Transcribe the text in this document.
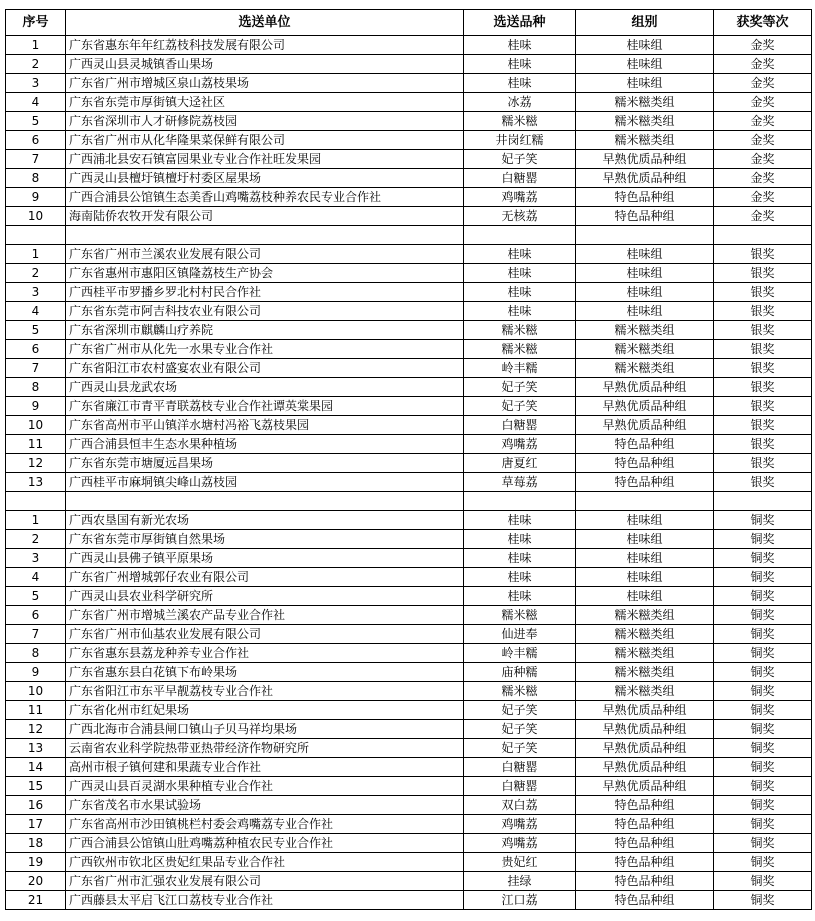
序号	选送单位	选送品种	组别	获奖等次
1	广东省惠东年年红荔枝科技发展有限公司	桂味	桂味组	金奖
2	广西灵山县灵城镇香山果场	桂味	桂味组	金奖
3	广东省广州市增城区泉山荔枝果场	桂味	桂味组	金奖
4	广东省东莞市厚街镇大迳社区	冰荔	糯米糍类组	金奖
5	广东省深圳市人才研修院荔枝园	糯米糍	糯米糍类组	金奖
6	广东省广州市从化华隆果菜保鲜有限公司	井岗红糯	糯米糍类组	金奖
7	广西浦北县安石镇富园果业专业合作社旺发果园	妃子笑	早熟优质品种组	金奖
8	广西灵山县檀圩镇檀圩村委区屋果场	白糖罂	早熟优质品种组	金奖
9	广西合浦县公馆镇生态美香山鸡嘴荔枝种养农民专业合作社	鸡嘴荔	特色品种组	金奖
10	海南陆侨农牧开发有限公司	无核荔	特色品种组	金奖

1	广东省广州市兰溪农业发展有限公司	桂味	桂味组	银奖
2	广东省惠州市惠阳区镇隆荔枝生产协会	桂味	桂味组	银奖
3	广西桂平市罗播乡罗北村村民合作社	桂味	桂味组	银奖
4	广东省东莞市阿吉科技农业有限公司	桂味	桂味组	银奖
5	广东省深圳市麒麟山疗养院	糯米糍	糯米糍类组	银奖
6	广东省广州市从化先一水果专业合作社	糯米糍	糯米糍类组	银奖
7	广东省阳江市农村盛宴农业有限公司	岭丰糯	糯米糍类组	银奖
8	广西灵山县龙武农场	妃子笑	早熟优质品种组	银奖
9	广东省廉江市青平青联荔枝专业合作社谭英棠果园	妃子笑	早熟优质品种组	银奖
10	广东省高州市平山镇洋水塘村冯裕飞荔枝果园	白糖罂	早熟优质品种组	银奖
11	广西合浦县恒丰生态水果种植场	鸡嘴荔	特色品种组	银奖
12	广东省东莞市塘厦远昌果场	唐夏红	特色品种组	银奖
13	广西桂平市麻垌镇尖峰山荔枝园	草莓荔	特色品种组	银奖

1	广西农垦国有新光农场	桂味	桂味组	铜奖
2	广东省东莞市厚街镇自然果场	桂味	桂味组	铜奖
3	广西灵山县佛子镇平原果场	桂味	桂味组	铜奖
4	广东省广州增城郭仔农业有限公司	桂味	桂味组	铜奖
5	广西灵山县农业科学研究所	桂味	桂味组	铜奖
6	广东省广州市增城兰溪农产品专业合作社	糯米糍	糯米糍类组	铜奖
7	广东省广州市仙基农业发展有限公司	仙进奉	糯米糍类组	铜奖
8	广东省惠东县荔龙种养专业合作社	岭丰糯	糯米糍类组	铜奖
9	广东省惠东县白花镇下布岭果场	庙种糯	糯米糍类组	铜奖
10	广东省阳江市东平早靓荔枝专业合作社	糯米糍	糯米糍类组	铜奖
11	广东省化州市红妃果场	妃子笑	早熟优质品种组	铜奖
12	广西北海市合浦县闸口镇山子贝马祥均果场	妃子笑	早熟优质品种组	铜奖
13	云南省农业科学院热带亚热带经济作物研究所	妃子笑	早熟优质品种组	铜奖
14	高州市根子镇何建和果蔬专业合作社	白糖罂	早熟优质品种组	铜奖
15	广西灵山县百灵湖水果种植专业合作社	白糖罂	早熟优质品种组	铜奖
16	广东省茂名市水果试验场	双白荔	特色品种组	铜奖
17	广东省高州市沙田镇桃栏村委会鸡嘴荔专业合作社	鸡嘴荔	特色品种组	铜奖
18	广西合浦县公馆镇山肚鸡嘴荔种植农民专业合作社	鸡嘴荔	特色品种组	铜奖
19	广西钦州市钦北区贵妃红果品专业合作社	贵妃红	特色品种组	铜奖
20	广东省广州市汇强农业发展有限公司	挂绿	特色品种组	铜奖
21	广西藤县太平启飞江口荔枝专业合作社	江口荔	特色品种组	铜奖
